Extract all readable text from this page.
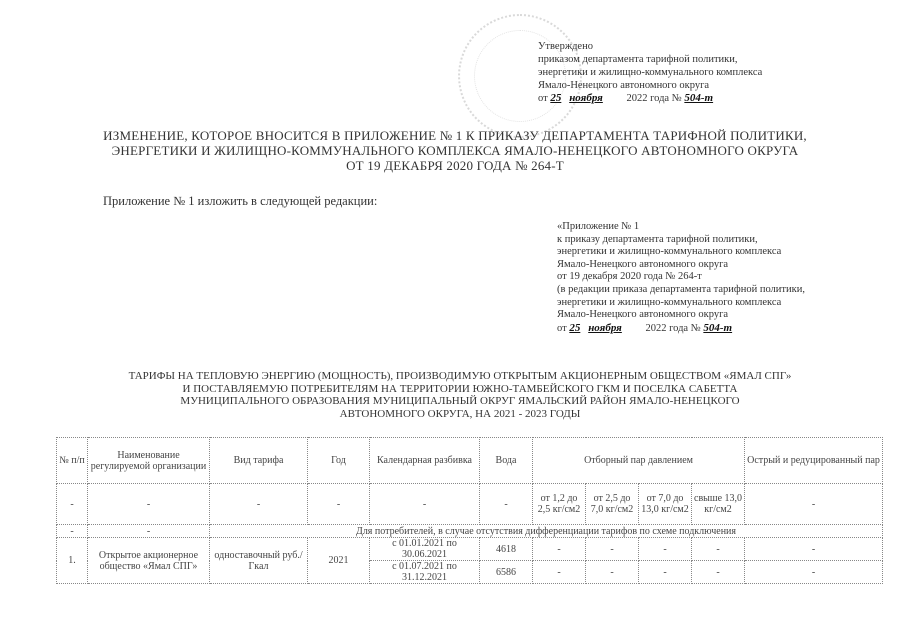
Утверждено
приказом департамента тарифной политики,
энергетики и жилищно-коммунального комплекса
Ямало-Ненецкого автономного округа
от 25 ноября 2022 года № 504-т
ИЗМЕНЕНИЕ, КОТОРОЕ ВНОСИТСЯ В ПРИЛОЖЕНИЕ № 1 К ПРИКАЗУ ДЕПАРТАМЕНТА ТАРИФНОЙ ПОЛИТИКИ,
ЭНЕРГЕТИКИ И ЖИЛИЩНО-КОММУНАЛЬНОГО КОМПЛЕКСА ЯМАЛО-НЕНЕЦКОГО АВТОНОМНОГО ОКРУГА
ОТ 19 ДЕКАБРЯ 2020 ГОДА № 264-Т
Приложение № 1 изложить в следующей редакции:
«Приложение № 1
к приказу департамента тарифной политики,
энергетики и жилищно-коммунального комплекса
Ямало-Ненецкого автономного округа
от 19 декабря 2020 года № 264-т
(в редакции приказа департамента тарифной политики,
энергетики и жилищно-коммунального комплекса
Ямало-Ненецкого автономного округа
от 25 ноября 2022 года № 504-т
ТАРИФЫ НА ТЕПЛОВУЮ ЭНЕРГИЮ (МОЩНОСТЬ), ПРОИЗВОДИМУЮ ОТКРЫТЫМ АКЦИОНЕРНЫМ ОБЩЕСТВОМ «ЯМАЛ СПГ»
И ПОСТАВЛЯЕМУЮ ПОТРЕБИТЕЛЯМ НА ТЕРРИТОРИИ ЮЖНО-ТАМБЕЙСКОГО ГКМ И ПОСЕЛКА САБЕТТА
МУНИЦИПАЛЬНОГО ОБРАЗОВАНИЯ МУНИЦИПАЛЬНЫЙ ОКРУГ ЯМАЛЬСКИЙ РАЙОН ЯМАЛО-НЕНЕЦКОГО
АВТОНОМНОГО ОКРУГА, НА 2021 - 2023 ГОДЫ
№ п/п	Наименование регулируемой организации	Вид тарифа	Год	Календарная разбивка	Вода	Отборный пар давлением				Острый и редуцированный пар
-	-	-	-	-	-	от 1,2 до 2,5 кг/см2	от 2,5 до 7,0 кг/см2	от 7,0 до 13,0 кг/см2	свыше 13,0 кг/см2	-
-	-	Для потребителей, в случае отсутствия дифференциации тарифов по схеме подключения								
1.	Открытое акционерное общество «Ямал СПГ»	одноставочный руб./Гкал	2021	с 01.01.2021 по 30.06.2021	4618	-	-	-	-	-
				с 01.07.2021 по 31.12.2021	6586	-	-	-	-	-
